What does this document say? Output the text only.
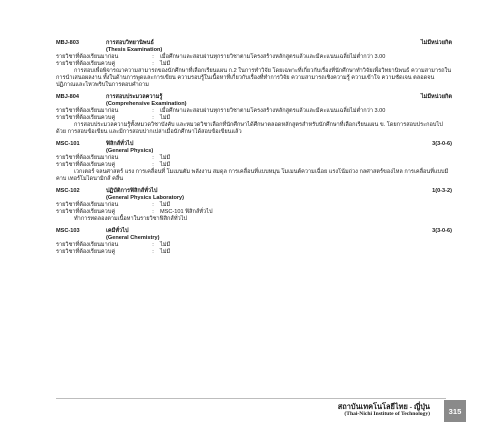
MBJ-803	การสอบวิทยานิพนธ์	ไม่มีหน่วยกิต
(Thesis Examination)
รายวิชาที่ต้องเรียนมาก่อน	:	เมื่อศึกษาและสอบผ่านทุกรายวิชาตามโครงสร้างหลักสูตรแล้วและมีคะแนนเฉลี่ยไม่ต่ำกว่า 3.00
รายวิชาที่ต้องเรียนควบคู่	:	ไม่มี
การสอบเพื่อพิจารณาความสามารถของนักศึกษาที่เลือกเรียนแผน ก.2 ในการทำวิจัย โดยเฉพาะที่เกี่ยวกับเรื่องที่นักศึกษาทำวิจัยเพื่อวิทยานิพนธ์ ความสามารถในการนำเสนอผลงาน ทั้งในด้านการพูดและการเขียน ความรอบรู้ในเนื้อหาที่เกี่ยวกับเรื่องที่ทำการวิจัย ความสามารถเชิงความรู้ ความเข้าใจ ความชัดเจน ตลอดจนปฏิภาณและไหวพริบในการตอบคำถาม
MBJ-804	การสอบประมวลความรู้	ไม่มีหน่วยกิต
(Comprehensive Examination)
รายวิชาที่ต้องเรียนมาก่อน	:	เมื่อศึกษาและสอบผ่านทุกรายวิชาตามโครงสร้างหลักสูตรแล้วและมีคะแนนเฉลี่ยไม่ต่ำกว่า 3.00
รายวิชาที่ต้องเรียนควบคู่	:	ไม่มี
การสอบประมวลความรู้ทั้งหมวดวิชาบังคับ และหมวดวิชาเลือกที่นักศึกษาได้ศึกษาตลอดหลักสูตรสำหรับนักศึกษาที่เลือกเรียนแผน ข. โดยการสอบประกอบไปด้วย การสอบข้อเขียน และมีการสอบปากเปล่าเมื่อนักศึกษาได้สอบข้อเขียนแล้ว
MSC-101	ฟิสิกส์ทั่วไป	3(3-0-6)
(General Physics)
รายวิชาที่ต้องเรียนมาก่อน	:	ไม่มี
รายวิชาที่ต้องเรียนควบคู่	:	ไม่มี
เวกเตอร์ จลนศาสตร์ แรง การเคลื่อนที่ โมเมนตัม พลังงาน สมดุล การเคลื่อนที่แบบหมุน โมเมนต์ความเฉื่อย แรงโน้มถ่วง กลศาสตร์ของไหล การเคลื่อนที่แบบมีคาบ เทอร์โมไดนามิกส์ คลื่น
MSC-102	ปฏิบัติการฟิสิกส์ทั่วไป	1(0-3-2)
(General Physics Laboratory)
รายวิชาที่ต้องเรียนมาก่อน	:	ไม่มี
รายวิชาที่ต้องเรียนควบคู่	:	MSC-101 ฟิสิกส์ทั่วไป
ทำการทดลองตามเนื้อหาในรายวิชาฟิสิกส์ทั่วไป
MSC-103	เคมีทั่วไป	3(3-0-6)
(General Chemistry)
รายวิชาที่ต้องเรียนมาก่อน	:	ไม่มี
รายวิชาที่ต้องเรียนควบคู่	:	ไม่มี
สถาบันเทคโนโลยีไทย - ญี่ปุ่น
(Thai-Nichi Institute of Technology)	315
